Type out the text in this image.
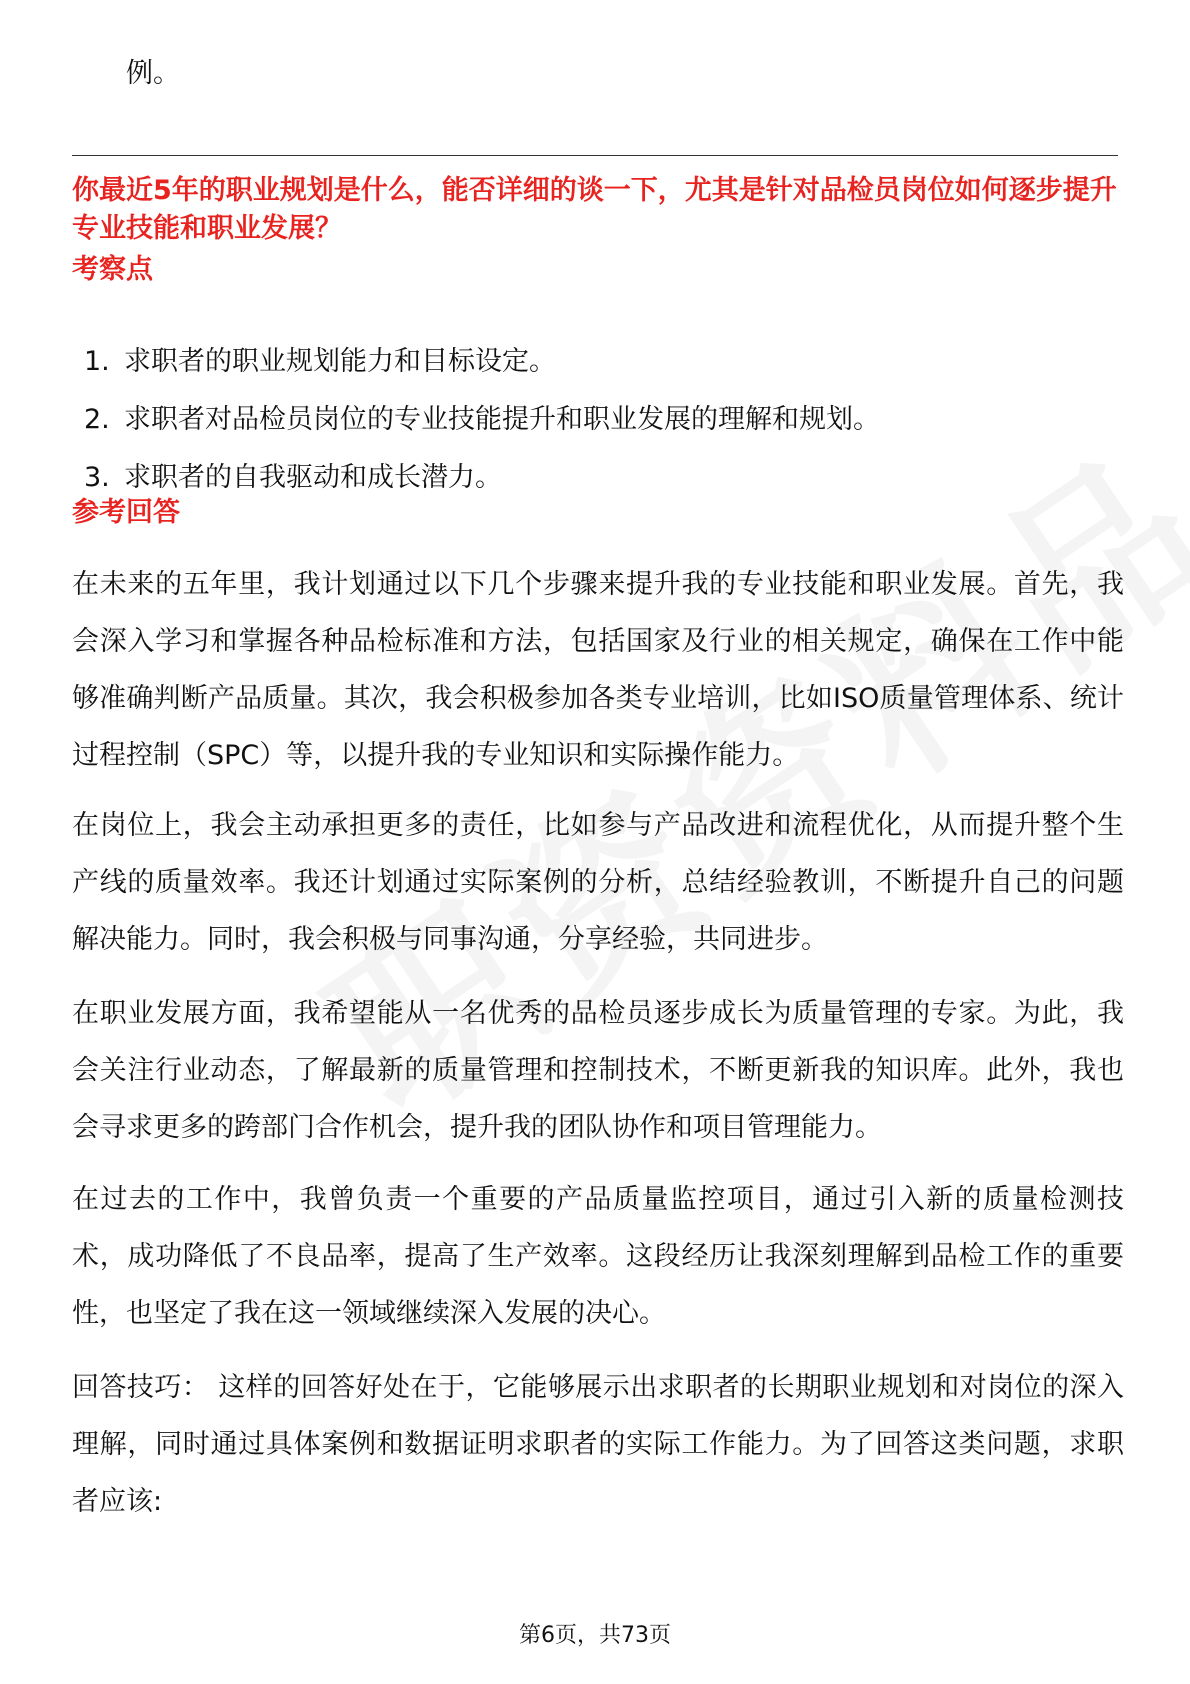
例。

你最近5年的职业规划是什么，能否详细的谈一下，尤其是针对品检员岗位如何逐步提升专业技能和职业发展？

考察点

1. 求职者的职业规划能力和目标设定。
2. 求职者对品检员岗位的专业技能提升和职业发展的理解和规划。
3. 求职者的自我驱动和成长潜力。

参考回答

在未来的五年里，我计划通过以下几个步骤来提升我的专业技能和职业发展。首先，我会深入学习和掌握各种品检标准和方法，包括国家及行业的相关规定，确保在工作中能够准确判断产品质量。其次，我会积极参加各类专业培训，比如ISO质量管理体系、统计过程控制（SPC）等，以提升我的专业知识和实际操作能力。

在岗位上，我会主动承担更多的责任，比如参与产品改进和流程优化，从而提升整个生产线的质量效率。我还计划通过实际案例的分析，总结经验教训，不断提升自己的问题解决能力。同时，我会积极与同事沟通，分享经验，共同进步。

在职业发展方面，我希望能从一名优秀的品检员逐步成长为质量管理的专家。为此，我会关注行业动态，了解最新的质量管理和控制技术，不断更新我的知识库。此外，我也会寻求更多的跨部门合作机会，提升我的团队协作和项目管理能力。

在过去的工作中，我曾负责一个重要的产品质量监控项目，通过引入新的质量检测技术，成功降低了不良品率，提高了生产效率。这段经历让我深刻理解到品检工作的重要性，也坚定了我在这一领域继续深入发展的决心。

回答技巧： 这样的回答好处在于，它能够展示出求职者的长期职业规划和对岗位的深入理解，同时通过具体案例和数据证明求职者的实际工作能力。为了回答这类问题，求职者应该:

第6页，共73页
